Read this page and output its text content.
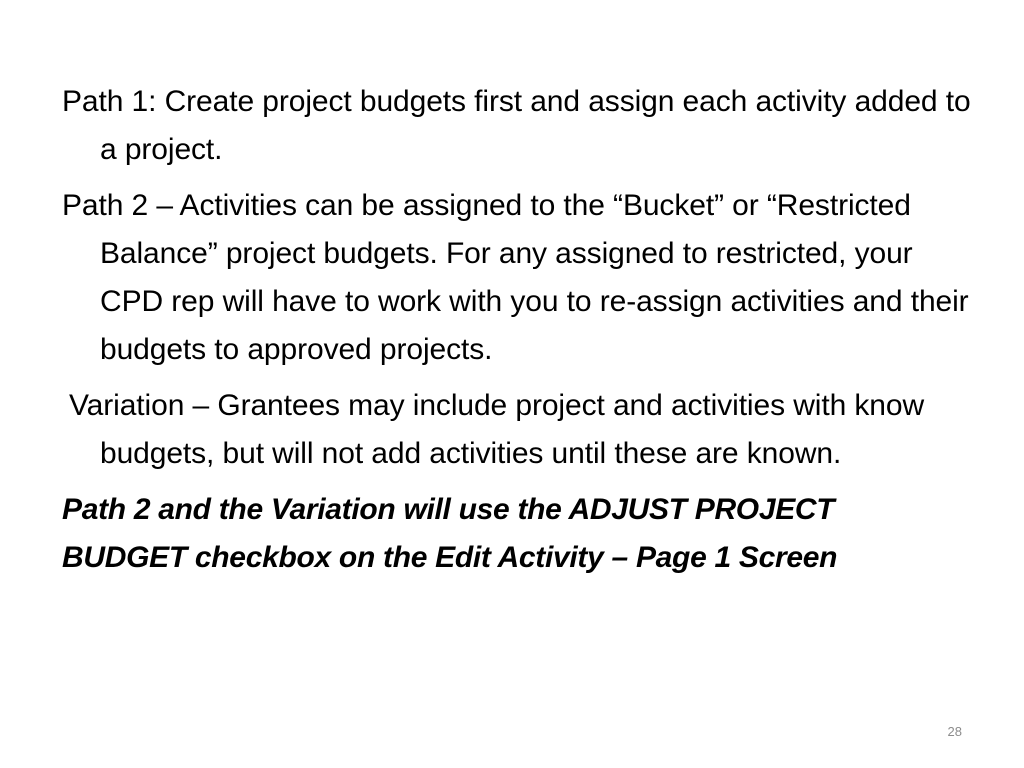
Path 1: Create project budgets first and assign each activity added to a project.

Path 2 – Activities can be assigned to the “Bucket” or “Restricted Balance” project budgets. For any assigned to restricted, your CPD rep will have to work with you to re-assign activities and their budgets to approved projects.

Variation – Grantees may include project and activities with know budgets, but will not add activities until these are known.

Path 2 and the Variation will use the ADJUST PROJECT
BUDGET checkbox on the Edit Activity – Page 1 Screen
28
